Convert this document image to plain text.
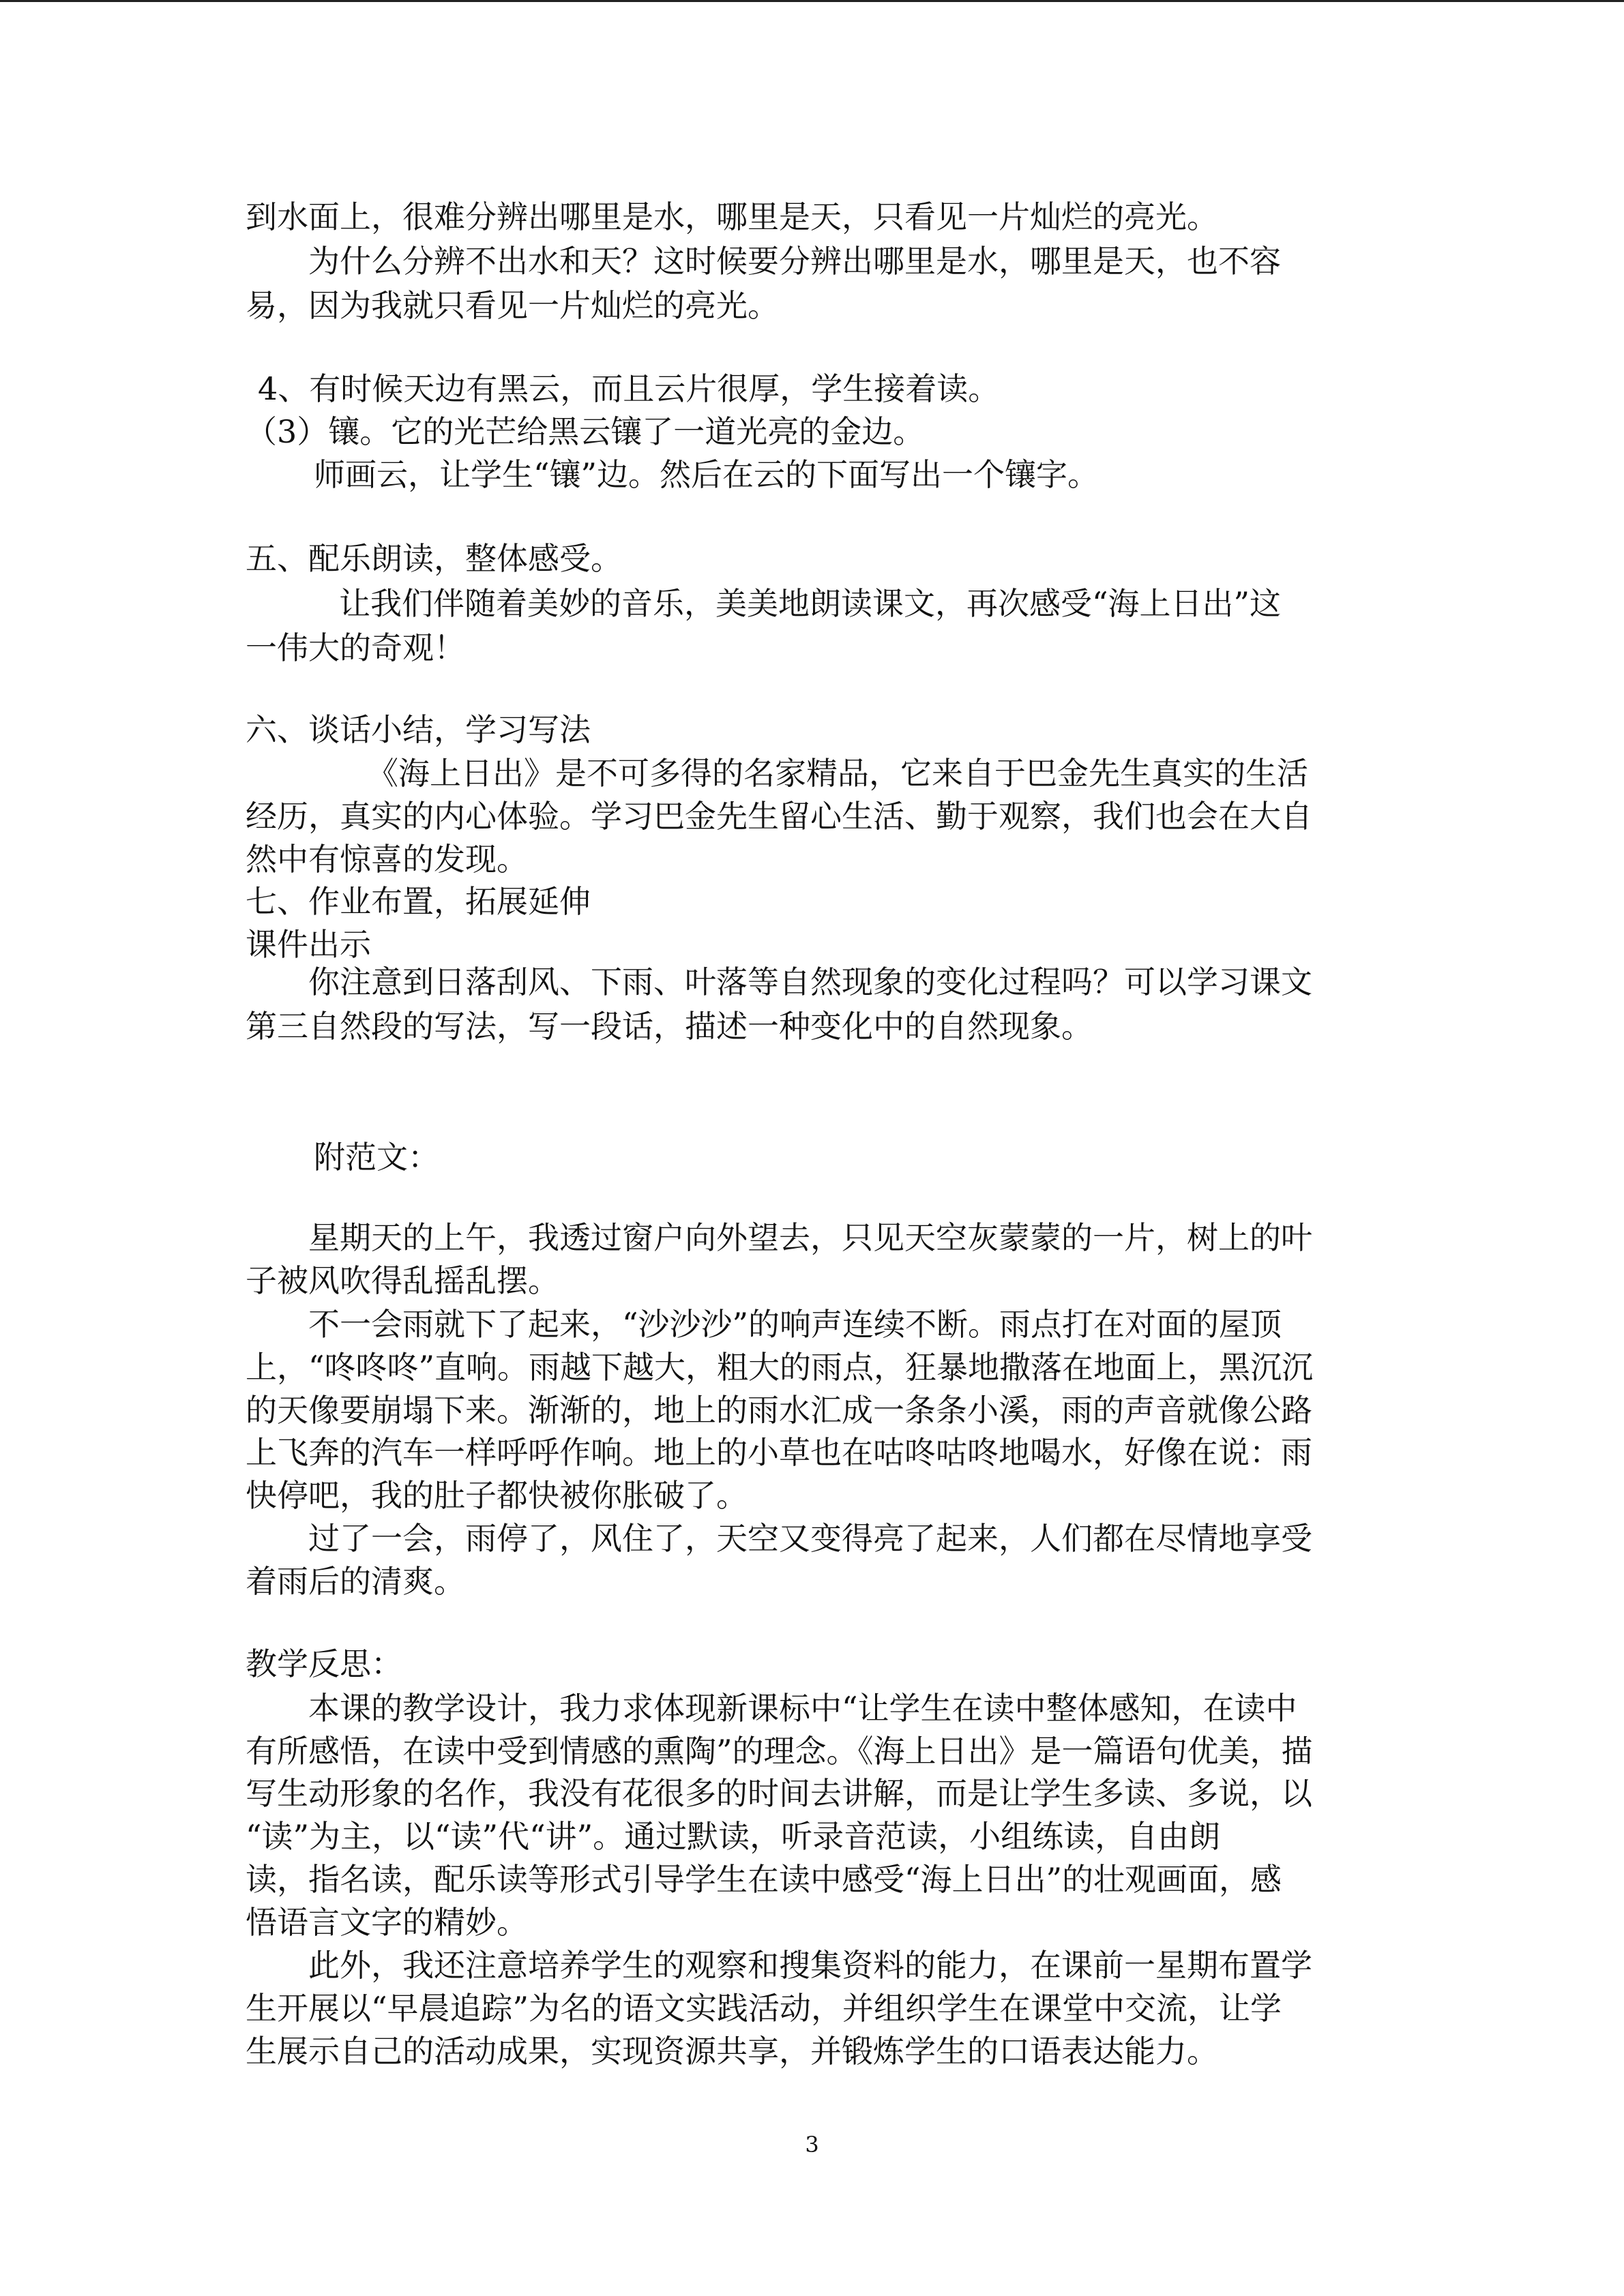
到水面上，很难分辨出哪里是水，哪里是天，只看见一片灿烂的亮光。
为什么分辨不出水和天？这时候要分辨出哪里是水，哪里是天，也不容
易，因为我就只看见一片灿烂的亮光。
4、有时候天边有黑云，而且云片很厚，学生接着读。
（3）镶。它的光芒给黑云镶了一道光亮的金边。
师画云，让学生“镶”边。然后在云的下面写出一个镶字。
五、配乐朗读，整体感受。
让我们伴随着美妙的音乐，美美地朗读课文，再次感受“海上日出”这
一伟大的奇观！
六、谈话小结，学习写法
《海上日出》是不可多得的名家精品，它来自于巴金先生真实的生活
经历，真实的内心体验。学习巴金先生留心生活、勤于观察，我们也会在大自
然中有惊喜的发现。
七、作业布置，拓展延伸
课件出示
你注意到日落刮风、下雨、叶落等自然现象的变化过程吗？可以学习课文
第三自然段的写法，写一段话，描述一种变化中的自然现象。
附范文：
星期天的上午，我透过窗户向外望去，只见天空灰蒙蒙的一片，树上的叶
子被风吹得乱摇乱摆。
不一会雨就下了起来，“沙沙沙”的响声连续不断。雨点打在对面的屋顶
上，“咚咚咚”直响。雨越下越大，粗大的雨点，狂暴地撒落在地面上，黑沉沉
的天像要崩塌下来。渐渐的，地上的雨水汇成一条条小溪，雨的声音就像公路
上飞奔的汽车一样呼呼作响。地上的小草也在咕咚咕咚地喝水，好像在说：雨
快停吧，我的肚子都快被你胀破了。
过了一会，雨停了，风住了，天空又变得亮了起来，人们都在尽情地享受
着雨后的清爽。
教学反思：
本课的教学设计，我力求体现新课标中“让学生在读中整体感知，在读中
有所感悟，在读中受到情感的熏陶”的理念。《海上日出》是一篇语句优美，描
写生动形象的名作，我没有花很多的时间去讲解，而是让学生多读、多说，以
“读”为主，以“读”代“讲”。通过默读，听录音范读，小组练读，自由朗
读，指名读，配乐读等形式引导学生在读中感受“海上日出”的壮观画面，感
悟语言文字的精妙。
此外，我还注意培养学生的观察和搜集资料的能力，在课前一星期布置学
生开展以“早晨追踪”为名的语文实践活动，并组织学生在课堂中交流，让学
生展示自己的活动成果，实现资源共享，并锻炼学生的口语表达能力。
3
